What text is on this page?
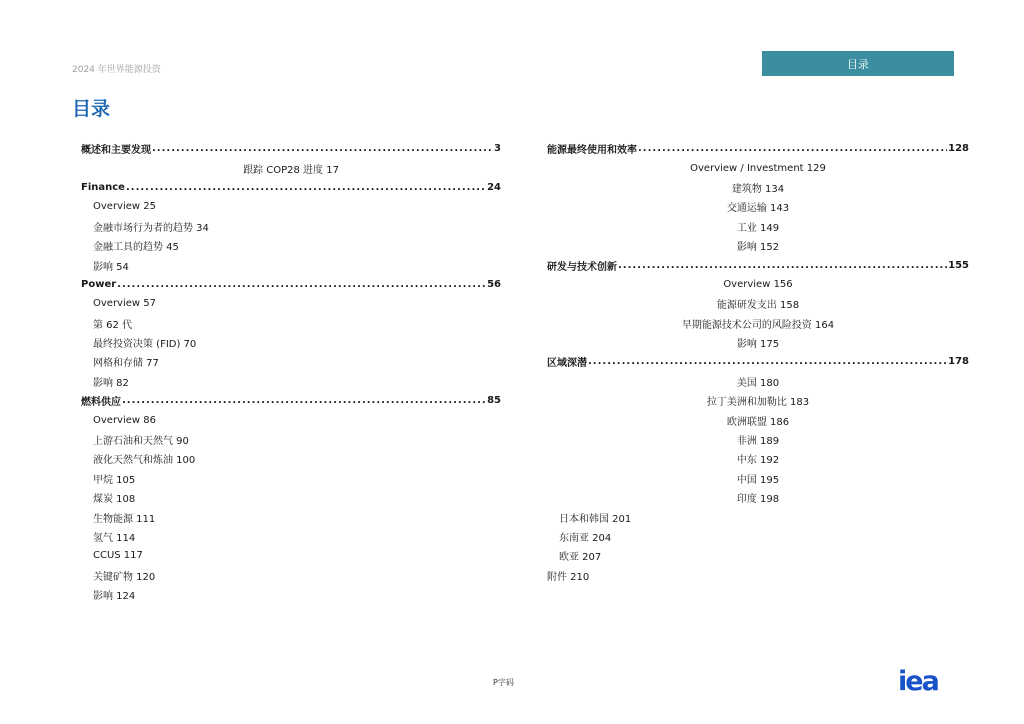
2024 年世界能源投资	目录
目录
概述和主要发现 .....	3
跟踪 COP28 进度 17
Finance .....	24
Overview 25
金融市场行为者的趋势 34
金融工具的趋势 45
影响 54
Power .....	56
Overview 57
第 62 代
最终投资决策 (FID) 70
网格和存储 77
影响 82
燃料供应 .....	85
Overview 86
上游石油和天然气 90
液化天然气和炼油 100
甲烷 105
煤炭 108
生物能源 111
氢气 114
CCUS 117
关键矿物 120
影响 124
能源最终使用和效率 .....	128
Overview / Investment 129
建筑物 134
交通运输 143
工业 149
影响 152
研发与技术创新 .....	155
Overview 156
能源研发支出 158
早期能源技术公司的风险投资 164
影响 175
区域深潜 .....	178
美国 180
拉丁美洲和加勒比 183
欧洲联盟 186
非洲 189
中东 192
中国 195
印度 198
日本和韩国 201
东南亚 204
欧亚 207
附件 210
P字码	iea
